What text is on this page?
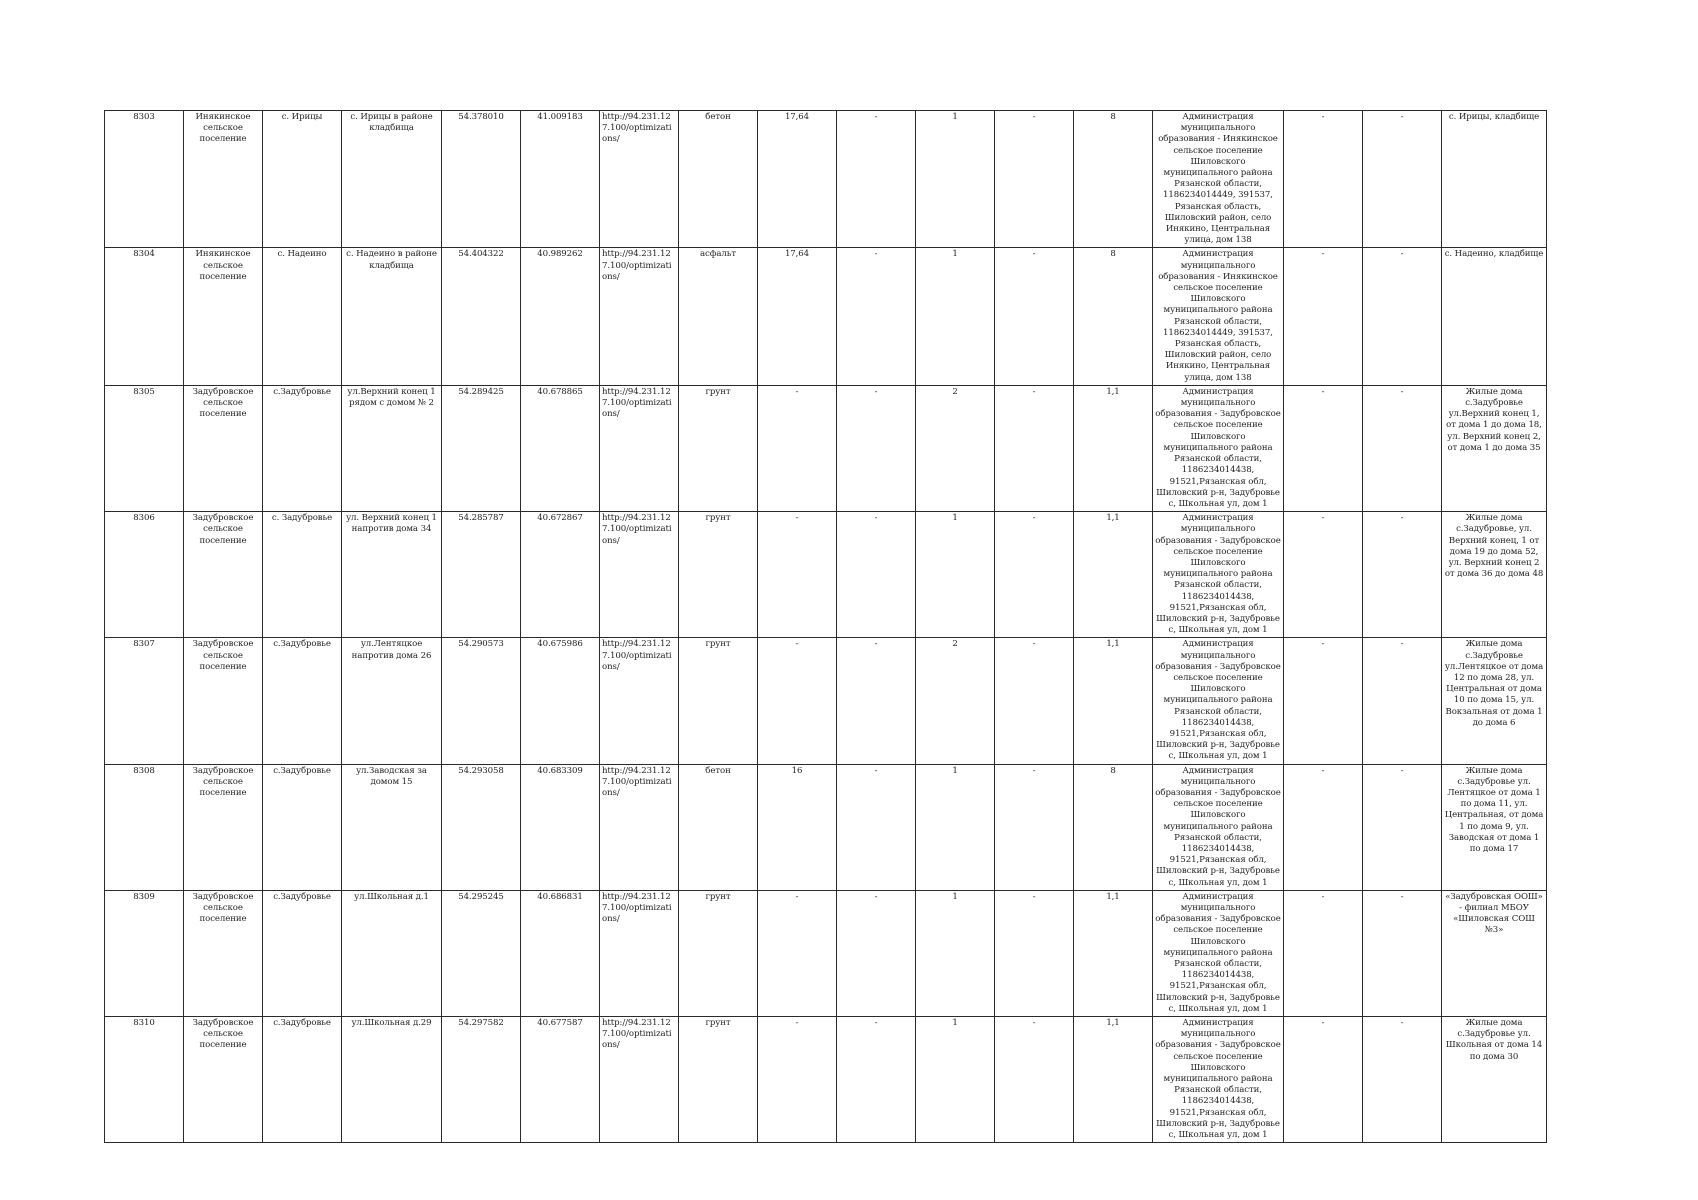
8303	Инякинское сельское поселение	с. Ирицы	с. Ирицы в районе кладбища	54.378010	41.009183	http://94.231.127.100/optimizations/	бетон	17,64	-	1	-	8	Администрация муниципального образования - Инякинское сельское поселение Шиловского муниципального района Рязанской области, 1186234014449, 391537, Рязанская область, Шиловский район, село Инякино, Центральная улица, дом 138	-	-	с. Ирицы, кладбище
8304	Инякинское сельское поселение	с. Надеино	с. Надеино в районе кладбища	54.404322	40.989262	http://94.231.127.100/optimizations/	асфальт	17,64	-	1	-	8	Администрация муниципального образования - Инякинское сельское поселение Шиловского муниципального района Рязанской области, 1186234014449, 391537, Рязанская область, Шиловский район, село Инякино, Центральная улица, дом 138	-	-	с. Надеино, кладбище
8305	Задубровское сельское поселение	с.Задубровье	ул.Верхний конец 1 рядом с домом № 2	54.289425	40.678865	http://94.231.127.100/optimizations/	грунт	-	-	2	-	1,1	Администрация муниципального образования - Задубровское сельское поселение Шиловского муниципального района Рязанской области, 1186234014438, 91521,Рязанская обл, Шиловский р-н, Задубровье с, Школьная ул, дом 1	-	-	Жилые дома с.Задубровье ул.Верхний конец 1, от дома 1 до дома 18, ул. Верхний конец 2, от дома 1 до дома 35
8306	Задубровское сельское поселение	с. Задубровье	ул. Верхний конец 1 напротив дома 34	54.285787	40.672867	http://94.231.127.100/optimizations/	грунт	-	-	1	-	1,1	Администрация муниципального образования - Задубровское сельское поселение Шиловского муниципального района Рязанской области, 1186234014438, 91521,Рязанская обл, Шиловский р-н, Задубровье с, Школьная ул, дом 1	-	-	Жилые дома с.Задубровье, ул. Верхний конец, 1 от дома 19 до дома 52, ул. Верхний конец 2 от дома 36 до дома 48
8307	Задубровское сельское поселение	с.Задубровье	ул.Лентяцкое напротив дома 26	54.290573	40.675986	http://94.231.127.100/optimizations/	грунт	-	-	2	-	1,1	Администрация муниципального образования - Задубровское сельское поселение Шиловского муниципального района Рязанской области, 1186234014438, 91521,Рязанская обл, Шиловский р-н, Задубровье с, Школьная ул, дом 1	-	-	Жилые дома с.Задубровье ул.Лентяцкое от дома 12 по дома 28, ул. Центральная от дома 10 по дома 15, ул. Вокзальная от дома 1 до дома 6
8308	Задубровское сельское поселение	с.Задубровье	ул.Заводская за домом 15	54.293058	40.683309	http://94.231.127.100/optimizations/	бетон	16	-	1	-	8	Администрация муниципального образования - Задубровское сельское поселение Шиловского муниципального района Рязанской области, 1186234014438, 91521,Рязанская обл, Шиловский р-н, Задубровье с, Школьная ул, дом 1	-	-	Жилые дома с.Задубровье ул. Лентяцкое от дома 1 по дома 11, ул. Центральная, от дома 1 по дома 9, ул. Заводская от дома 1 по дома 17
8309	Задубровское сельское поселение	с.Задубровье	ул.Школьная д.1	54.295245	40.686831	http://94.231.127.100/optimizations/	грунт	-	-	1	-	1,1	Администрация муниципального образования - Задубровское сельское поселение Шиловского муниципального района Рязанской области, 1186234014438, 91521,Рязанская обл, Шиловский р-н, Задубровье с, Школьная ул, дом 1	-	-	«Задубровская ООШ» - филиал МБОУ «Шиловская СОШ №3»
8310	Задубровское сельское поселение	с.Задубровье	ул.Школьная д.29	54.297582	40.677587	http://94.231.127.100/optimizations/	грунт	-	-	1	-	1,1	Администрация муниципального образования - Задубровское сельское поселение Шиловского муниципального района Рязанской области, 1186234014438, 91521,Рязанская обл, Шиловский р-н, Задубровье с, Школьная ул, дом 1	-	-	Жилые дома с.Задубровье ул. Школьная от дома 14 по дома 30
